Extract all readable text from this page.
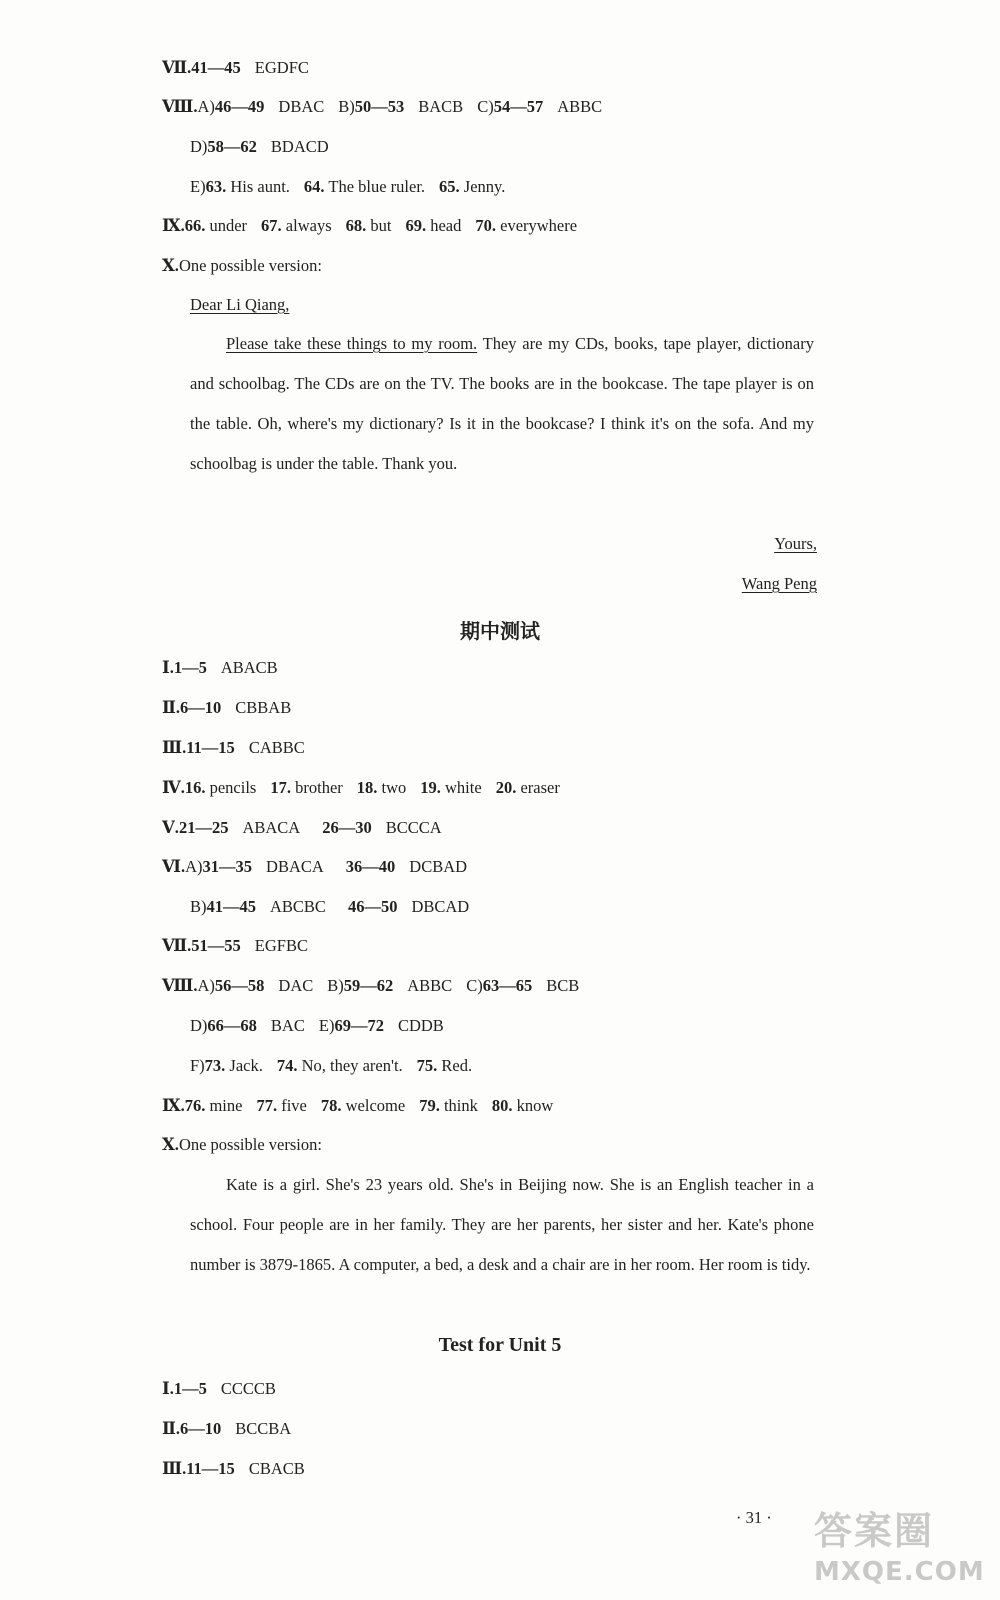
Ⅶ.41—45 EGDFC
Ⅷ.A)46—49 DBAC B)50—53 BACB C)54—57 ABBC
D)58—62 BDACD
E)63. His aunt. 64. The blue ruler. 65. Jenny.
Ⅸ.66. under 67. always 68. but 69. head 70. everywhere
Ⅹ.One possible version:
Dear Li Qiang,

Please take these things to my room. They are my CDs, books, tape player, dictionary and schoolbag. The CDs are on the TV. The books are in the bookcase. The tape player is on the table. Oh, where's my dictionary? Is it in the bookcase? I think it's on the sofa. And my schoolbag is under the table. Thank you.

Yours,
Wang Peng
期中测试
Ⅰ.1—5 ABACB
Ⅱ.6—10 CBBAB
Ⅲ.11—15 CABBC
Ⅳ.16. pencils 17. brother 18. two 19. white 20. eraser
Ⅴ.21—25 ABACA 26—30 BCCCA
Ⅵ.A)31—35 DBACA 36—40 DCBAD
B)41—45 ABCBC 46—50 DBCAD
Ⅶ.51—55 EGFBC
Ⅷ.A)56—58 DAC B)59—62 ABBC C)63—65 BCB
D)66—68 BAC E)69—72 CDDB
F)73. Jack. 74. No, they aren't. 75. Red.
Ⅸ.76. mine 77. five 78. welcome 79. think 80. know
Ⅹ.One possible version:

Kate is a girl. She's 23 years old. She's in Beijing now. She is an English teacher in a school. Four people are in her family. They are her parents, her sister and her. Kate's phone number is 3879-1865. A computer, a bed, a desk and a chair are in her room. Her room is tidy.

Test for Unit 5
Ⅰ.1—5 CCCCB
Ⅱ.6—10 BCCBA
Ⅲ.11—15 CBACB
· 31 · 答案圈
MXQE.COM
